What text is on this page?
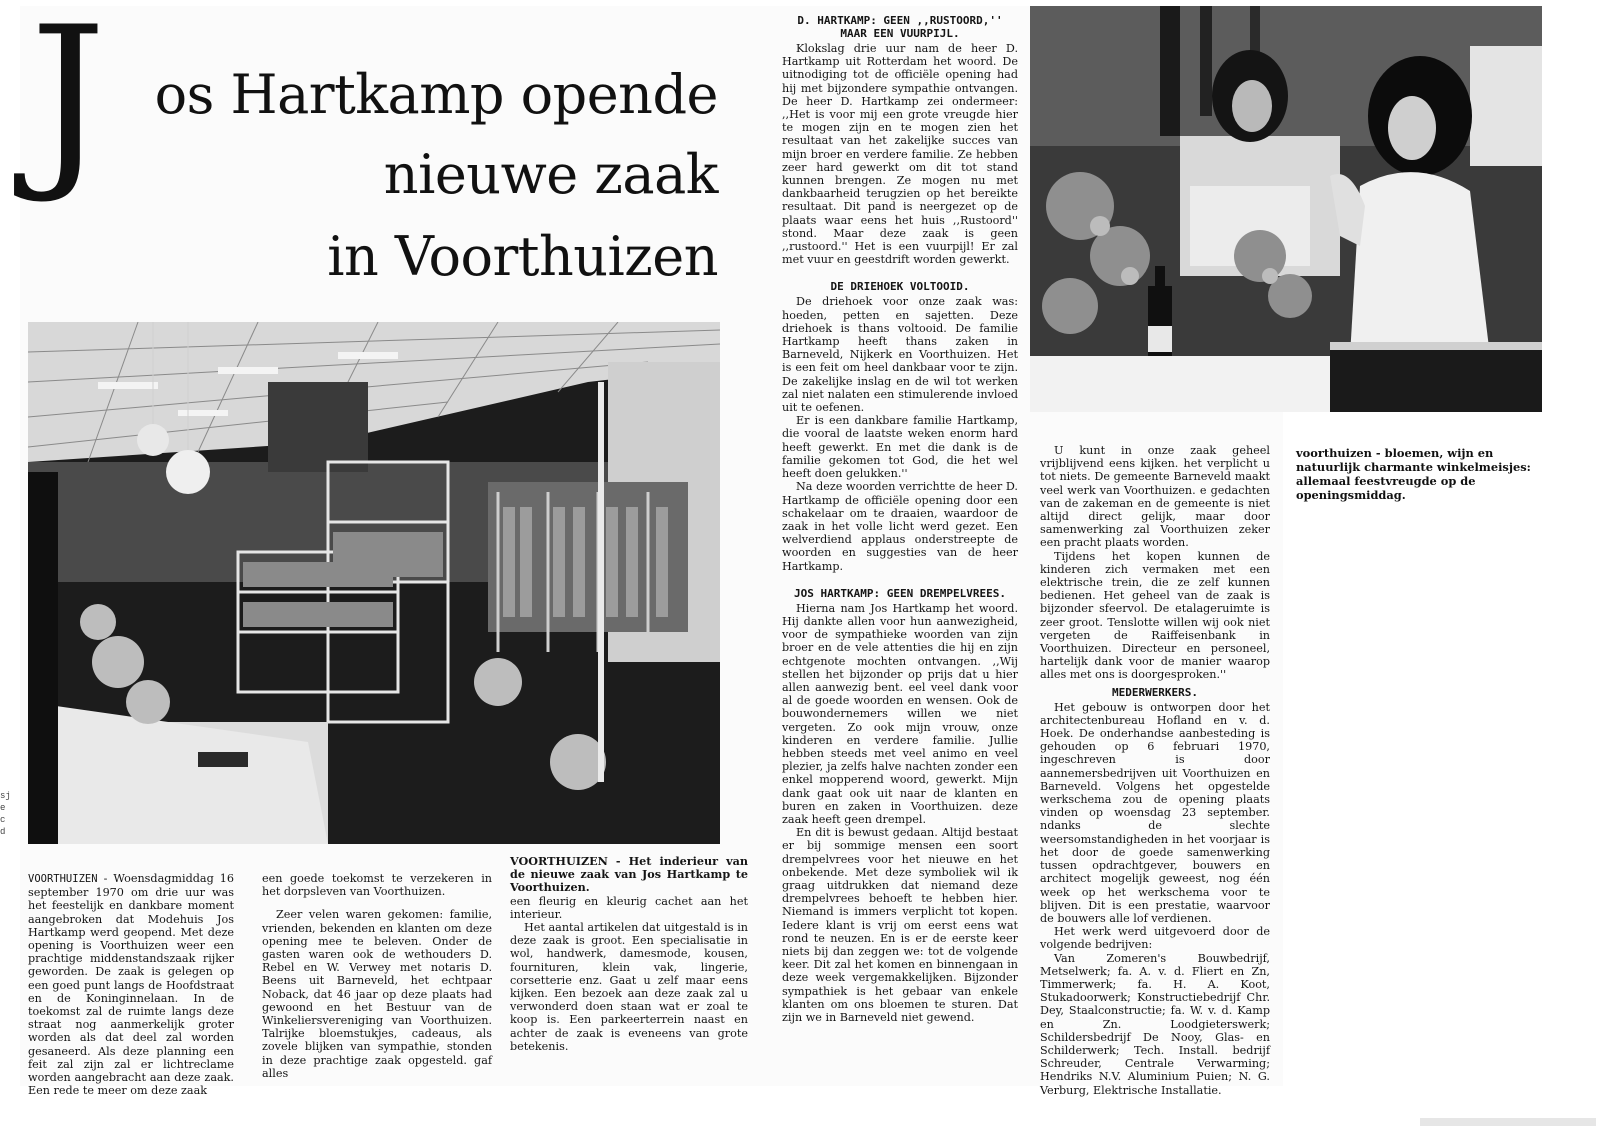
sj
e
c
d
J os Hartkamp opende
nieuwe zaak
in Voorthuizen
voorthuizen - bloemen, wijn en natuurlijk charmante winkelmeisjes: allemaal feestvreugde op de openingsmiddag.

VOORTHUIZEN - Woensdagmiddag 16 september 1970 om drie uur was het feestelijk en dankbare moment aangebroken dat Modehuis Jos Hartkamp werd geopend. Met deze opening is Voorthuizen weer een prachtige middenstandszaak rijker geworden. De zaak is gelegen op een goed punt langs de Hoofdstraat en de Koninginnelaan. In de toekomst zal de ruimte langs deze straat nog aanmerkelijk groter worden als dat deel zal worden gesaneerd. Als deze planning een feit zal zijn zal er lichtreclame worden aangebracht aan deze zaak. Een rede te meer om deze zaak

een goede toekomst te verzekeren in het dorpsleven van Voorthuizen.

Zeer velen waren gekomen: familie, vrienden, bekenden en klanten om deze opening mee te beleven. Onder de gasten waren ook de wethouders D. Rebel en W. Verwey met notaris D. Beens uit Barneveld, het echtpaar Noback, dat 46 jaar op deze plaats had gewoond en het Bestuur van de Winkeliersvereniging van Voorthuizen. Talrijke bloemstukjes, cadeaus, als zovele blijken van sympathie, stonden in deze prachtige zaak opgesteld. gaf alles

VOORTHUIZEN - Het inderieur van de nieuwe zaak van Jos Hartkamp te Voorthuizen.

een fleurig en kleurig cachet aan het interieur.

Het aantal artikelen dat uitgestald is in deze zaak is groot. Een specialisatie in wol, handwerk, damesmode, kousen, fournituren, klein vak, lingerie, corsetterie enz. Gaat u zelf maar eens kijken. Een bezoek aan deze zaak zal u verwonderd doen staan wat er zoal te koop is. Een parkeerterrein naast en achter de zaak is eveneens van grote betekenis.

D. HARTKAMP: GEEN ,,RUSTOORD,'' MAAR EEN VUURPIJL.

Klokslag drie uur nam de heer D. Hartkamp uit Rotterdam het woord. De uitnodiging tot de officiële opening had hij met bijzondere sympathie ontvangen. De heer D. Hartkamp zei ondermeer: ,,Het is voor mij een grote vreugde hier te mogen zijn en te mogen zien het resultaat van het zakelijke succes van mijn broer en verdere familie. Ze hebben zeer hard gewerkt om dit tot stand kunnen brengen. Ze mogen nu met dankbaarheid terugzien op het bereikte resultaat. Dit pand is neergezet op de plaats waar eens het huis ,,Rustoord'' stond. Maar deze zaak is geen ,,rustoord.'' Het is een vuurpijl! Er zal met vuur en geestdrift worden gewerkt.

DE DRIEHOEK VOLTOOID.

De driehoek voor onze zaak was: hoeden, petten en sajetten. Deze driehoek is thans voltooid. De familie Hartkamp heeft thans zaken in Barneveld, Nijkerk en Voorthuizen. Het is een feit om heel dankbaar voor te zijn. De zakelijke inslag en de wil tot werken zal niet nalaten een stimulerende invloed uit te oefenen.

Er is een dankbare familie Hartkamp, die vooral de laatste weken enorm hard heeft gewerkt. En met die dank is de familie gekomen tot God, die het wel heeft doen gelukken.''

Na deze woorden verrichtte de heer D. Hartkamp de officiële opening door een schakelaar om te draaien, waardoor de zaak in het volle licht werd gezet. Een welverdiend applaus onderstreepte de woorden en suggesties van de heer Hartkamp.

JOS HARTKAMP: GEEN DREMPELVREES.

Hierna nam Jos Hartkamp het woord. Hij dankte allen voor hun aanwezigheid, voor de sympathieke woorden van zijn broer en de vele attenties die hij en zijn echtgenote mochten ontvangen. ,,Wij stellen het bijzonder op prijs dat u hier allen aanwezig bent. eel veel dank voor al de goede woorden en wensen. Ook de bouwondernemers willen we niet vergeten. Zo ook mijn vrouw, onze kinderen en verdere familie. Jullie hebben steeds met veel animo en veel plezier, ja zelfs halve nachten zonder een enkel mopperend woord, gewerkt. Mijn dank gaat ook uit naar de klanten en buren en zaken in Voorthuizen. deze zaak heeft geen drempel.

En dit is bewust gedaan. Altijd bestaat er bij sommige mensen een soort drempelvrees voor het nieuwe en het onbekende. Met deze symboliek wil ik graag uitdrukken dat niemand deze drempelvrees behoeft te hebben hier. Niemand is immers verplicht tot kopen. Iedere klant is vrij om eerst eens wat rond te neuzen. En is er de eerste keer niets bij dan zeggen we: tot de volgende keer. Dit zal het komen en binnengaan in deze week vergemakkelijken. Bijzonder sympathiek is het gebaar van enkele klanten om ons bloemen te sturen. Dat zijn we in Barneveld niet gewend.

U kunt in onze zaak geheel vrijblijvend eens kijken. het verplicht u tot niets. De gemeente Barneveld maakt veel werk van Voorthuizen. e gedachten van de zakeman en de gemeente is niet altijd direct gelijk, maar door samenwerking zal Voorthuizen zeker een pracht plaats worden.

Tijdens het kopen kunnen de kinderen zich vermaken met een elektrische trein, die ze zelf kunnen bedienen. Het geheel van de zaak is bijzonder sfeervol. De etalageruimte is zeer groot. Tenslotte willen wij ook niet vergeten de Raiffeisenbank in Voorthuizen. Directeur en personeel, hartelijk dank voor de manier waarop alles met ons is doorgesproken.''

MEDERWERKERS.

Het gebouw is ontworpen door het architectenbureau Hofland en v. d. Hoek. De onderhandse aanbesteding is gehouden op 6 februari 1970, ingeschreven is door aannemersbedrijven uit Voorthuizen en Barneveld. Volgens het opgestelde werkschema zou de opening plaats vinden op woensdag 23 september. ndanks de slechte weersomstandigheden in het voorjaar is het door de goede samenwerking tussen opdrachtgever, bouwers en architect mogelijk geweest, nog één week op het werkschema voor te blijven. Dit is een prestatie, waarvoor de bouwers alle lof verdienen.

Het werk werd uitgevoerd door de volgende bedrijven:

Van Zomeren's Bouwbedrijf, Metselwerk; fa. A. v. d. Fliert en Zn, Timmerwerk; fa. H. A. Koot, Stukadoorwerk; Konstructiebedrijf Chr. Dey, Staalconstructie; fa. W. v. d. Kamp en Zn. Loodgieterswerk; Schildersbedrijf De Nooy, Glas- en Schilderwerk; Tech. Install. bedrijf Schreuder, Centrale Verwarming; Hendriks N.V. Aluminium Puien; N. G. Verburg, Elektrische Installatie.
